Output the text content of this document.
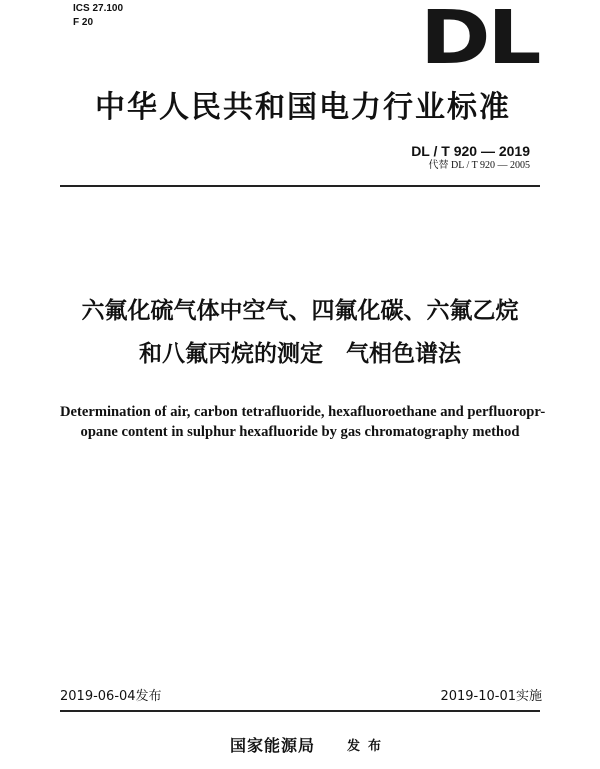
ICS 27.100
F 20	DL
中华人民共和国电力行业标准
DL / T 920 — 2019
代替 DL / T 920 — 2005
六氟化硫气体中空气、四氟化碳、六氟乙烷
和八氟丙烷的测定　气相色谱法
Determination of air, carbon tetrafluoride, hexafluoroethane and perfluoropr-
opane content in sulphur hexafluoride by gas chromatography method
2019-06-04发布	2019-10-01实施
国家能源局 发布
